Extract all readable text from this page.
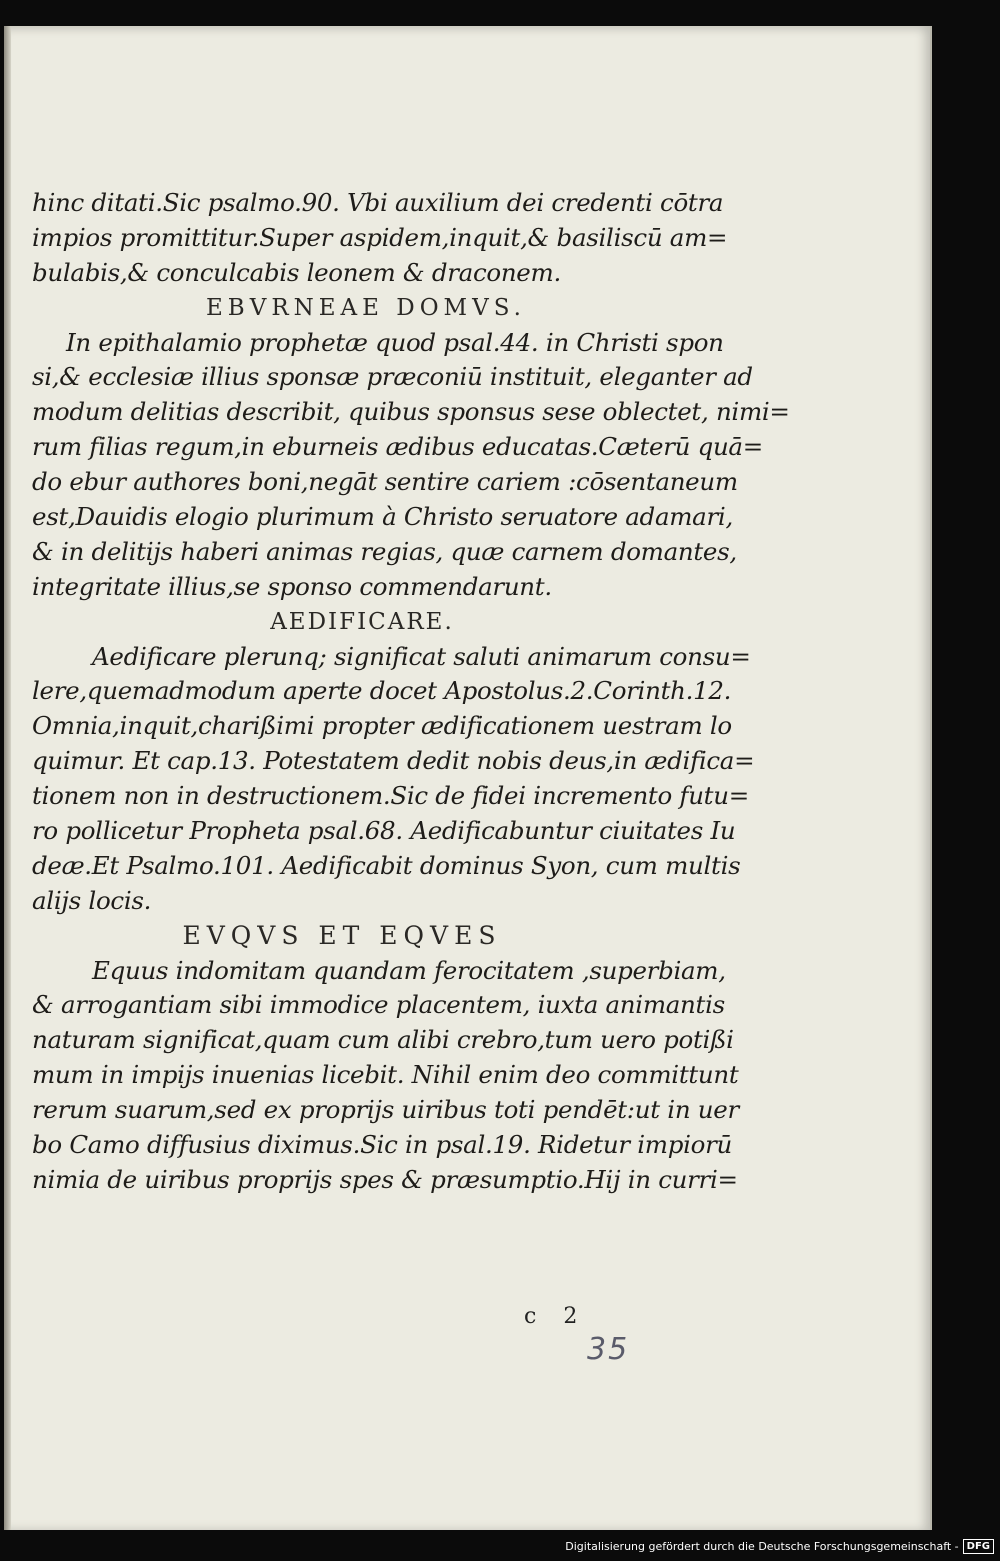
hinc ditati.Sic psalmo.90. Vbi auxilium dei credenti cōtra
impios promittitur.Super aspidem,inquit,& basiliscū am=
bulabis,& conculcabis leonem & draconem.
EBVRNEAE DOMVS.
In epithalamio prophetæ quod psal.44. in Christi spon
si,& ecclesiæ illius sponsæ præconiū instituit, eleganter ad
modum delitias describit, quibus sponsus sese oblectet, nimi=
rum filias regum,in eburneis ædibus educatas.Cæterū quā=
do ebur authores boni,negāt sentire cariem :cōsentaneum
est,Dauidis elogio plurimum à Christo seruatore adamari,
& in delitijs haberi animas regias, quæ carnem domantes,
integritate illius,se sponso commendarunt.
AEDIFICARE.
Aedificare plerunq; significat saluti animarum consu=
lere,quemadmodum aperte docet Apostolus.2.Corinth.12.
Omnia,inquit,charißimi propter ædificationem uestram lo
quimur. Et cap.13. Potestatem dedit nobis deus,in ædifica=
tionem non in destructionem.Sic de fidei incremento futu=
ro pollicetur Propheta psal.68. Aedificabuntur ciuitates Iu
deæ.Et Psalmo.101. Aedificabit dominus Syon, cum multis
alijs locis.
EVQVS ET EQVES
Equus indomitam quandam ferocitatem ,superbiam,
& arrogantiam sibi immodice placentem, iuxta animantis
naturam significat,quam cum alibi crebro,tum uero potißi
mum in impijs inuenias licebit. Nihil enim deo committunt
rerum suarum,sed ex proprijs uiribus toti pendēt:ut in uer
bo Camo diffusius diximus.Sic in psal.19. Ridetur impiorū
nimia de uiribus proprijs spes & præsumptio.Hij in curri=
c 2
35
Digitalisierung gefördert durch die Deutsche Forschungsgemeinschaft - DFG
